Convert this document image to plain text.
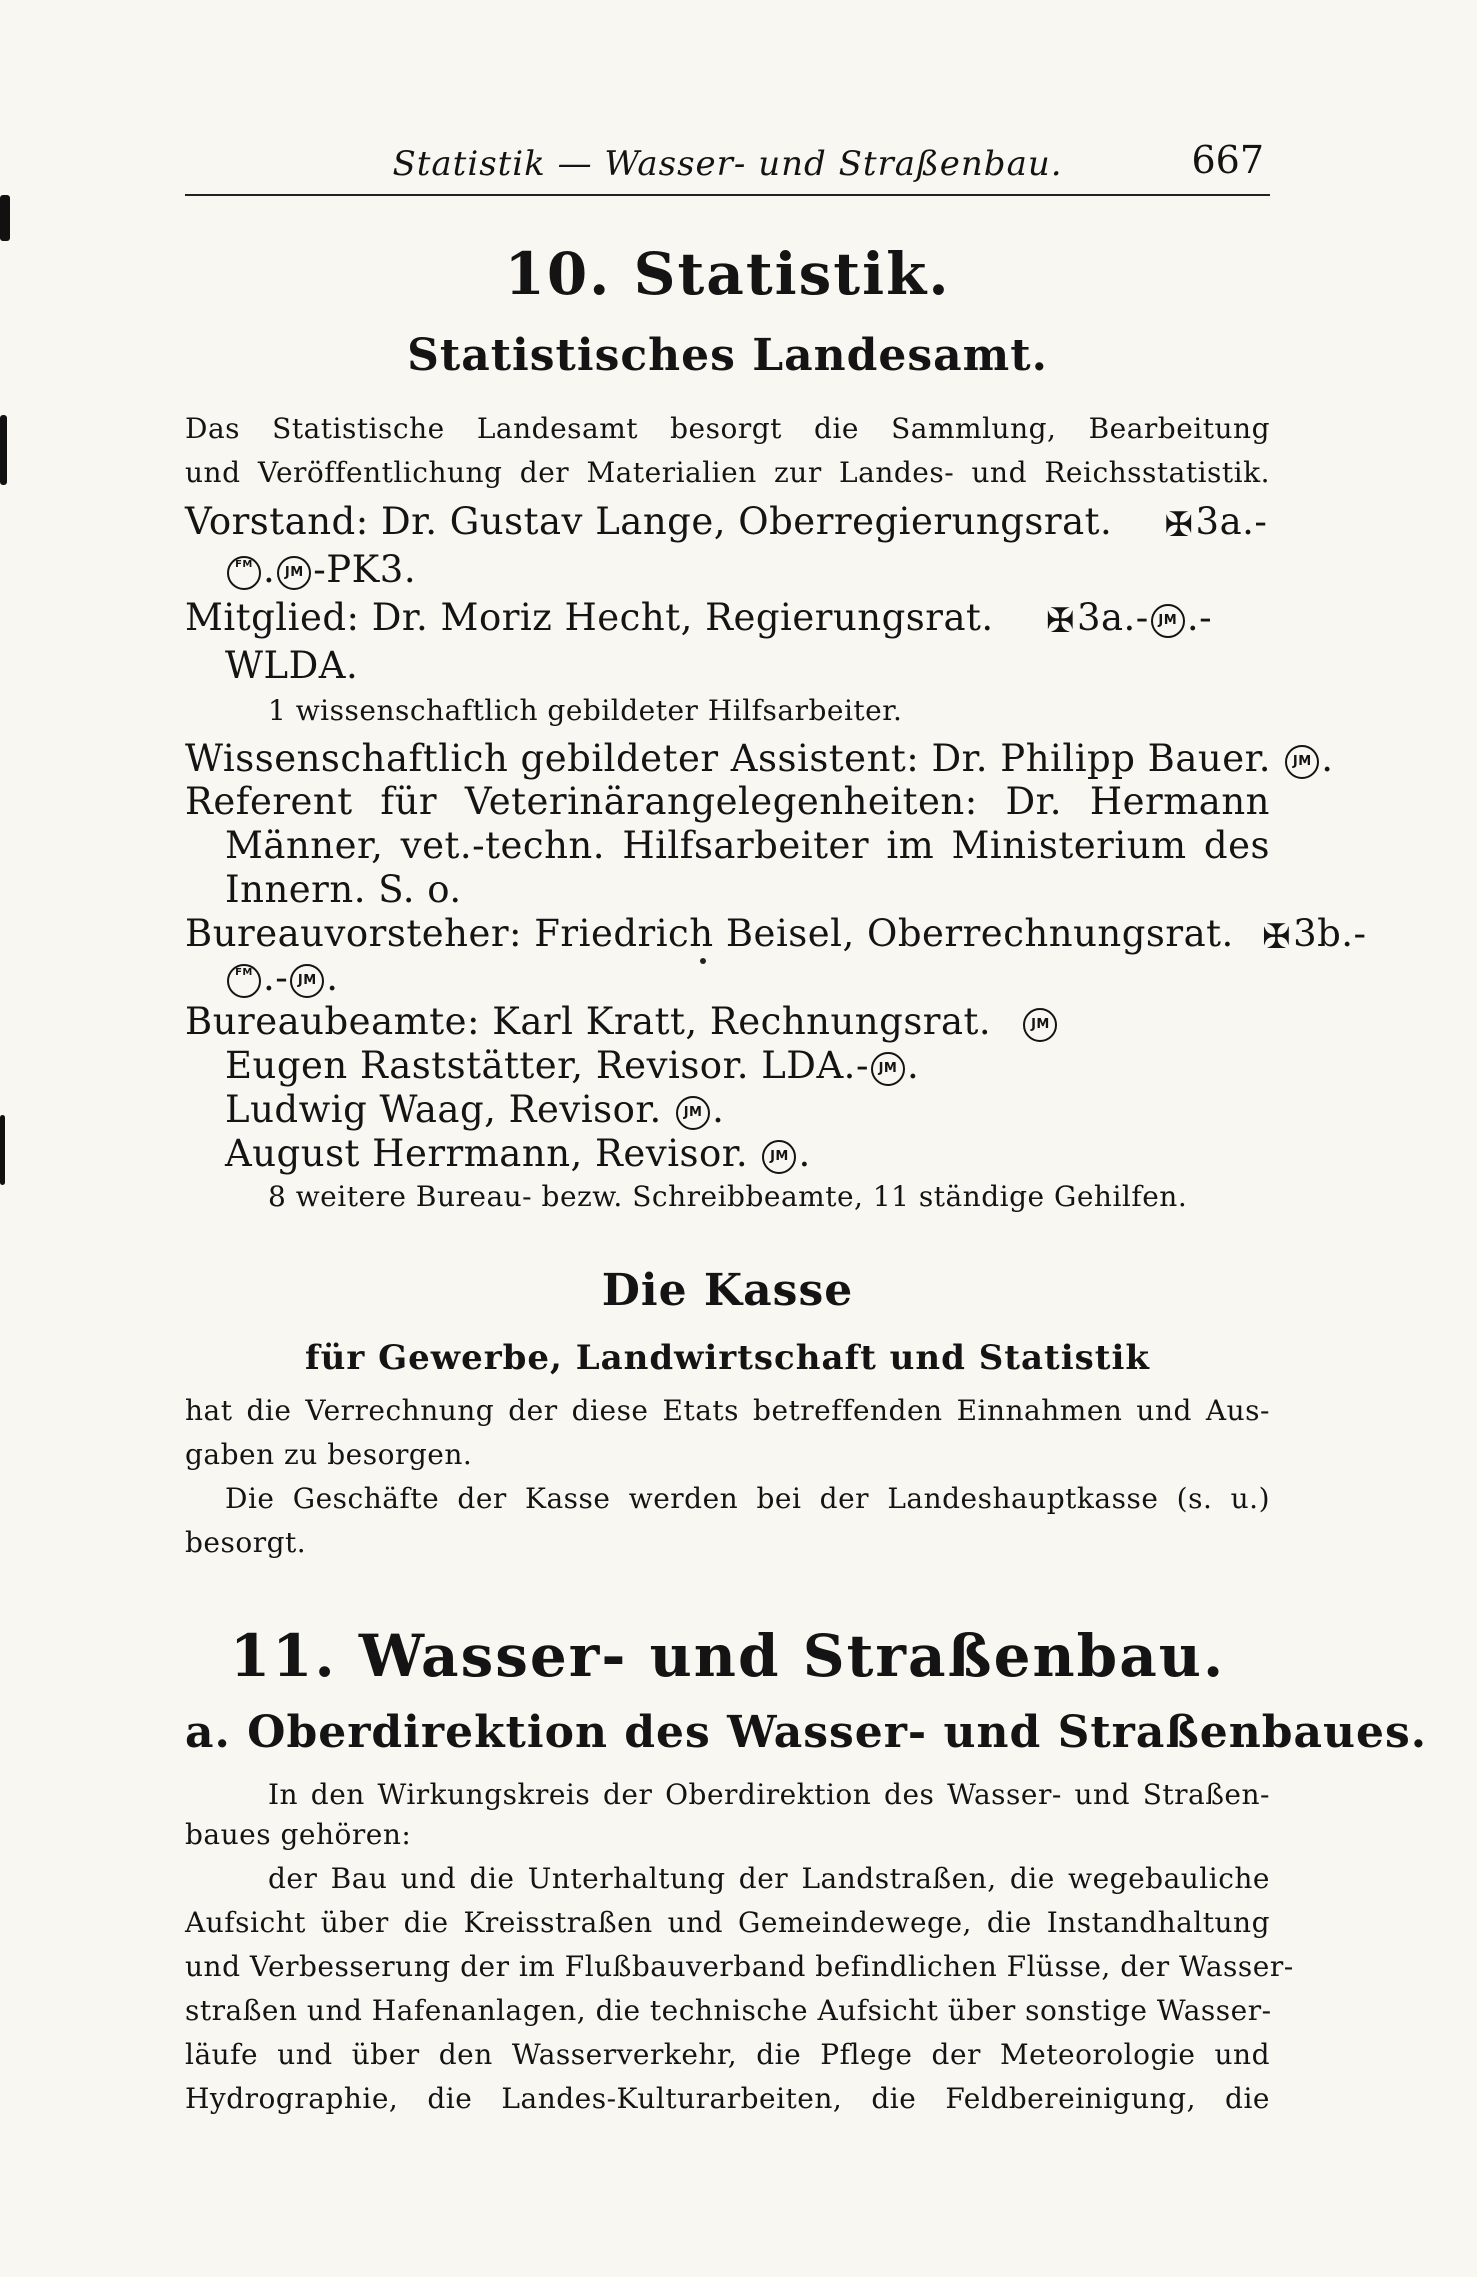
Statistik — Wasser- und Straßenbau.	667
10. Statistik.
Statistisches Landesamt.
Das Statistische Landesamt besorgt die Sammlung, Bearbeitung
und Veröffentlichung der Materialien zur Landes- und Reichsstatistik.
Vorstand: Dr. Gustav Lange, Oberregierungsrat. ✠3a.-
FM . JM -PK3.
Mitglied: Dr. Moriz Hecht, Regierungsrat. ✠3a.- JM .-
WLDA.
1 wissenschaftlich gebildeter Hilfsarbeiter.
Wissenschaftlich gebildeter Assistent: Dr. Philipp Bauer. JM .
Referent für Veterinärangelegenheiten: Dr. Hermann
Männer, vet.-techn. Hilfsarbeiter im Ministerium des
Innern. S. o.
Bureauvorsteher: Friedrich Beisel, Oberrechnungsrat. ✠3b.-
FM .- JM .
Bureaubeamte: Karl Kratt, Rechnungsrat.	JM
Eugen Raststätter, Revisor. LDA.- JM .
Ludwig Waag, Revisor. JM .
August Herrmann, Revisor. JM .
8 weitere Bureau- bezw. Schreibbeamte, 11 ständige Gehilfen.
Die Kasse
für Gewerbe, Landwirtschaft und Statistik
hat die Verrechnung der diese Etats betreffenden Einnahmen und Aus-
gaben zu besorgen.
Die Geschäfte der Kasse werden bei der Landeshauptkasse (s. u.)
besorgt.
11. Wasser- und Straßenbau.
a. Oberdirektion des Wasser- und Straßenbaues.
In den Wirkungskreis der Oberdirektion des Wasser- und Straßen-
baues gehören:
der Bau und die Unterhaltung der Landstraßen, die wegebauliche
Aufsicht über die Kreisstraßen und Gemeindewege, die Instandhaltung
und Verbesserung der im Flußbauverband befindlichen Flüsse, der Wasser-
straßen und Hafenanlagen, die technische Aufsicht über sonstige Wasser-
läufe und über den Wasserverkehr, die Pflege der Meteorologie und
Hydrographie, die Landes-Kulturarbeiten, die Feldbereinigung, die
